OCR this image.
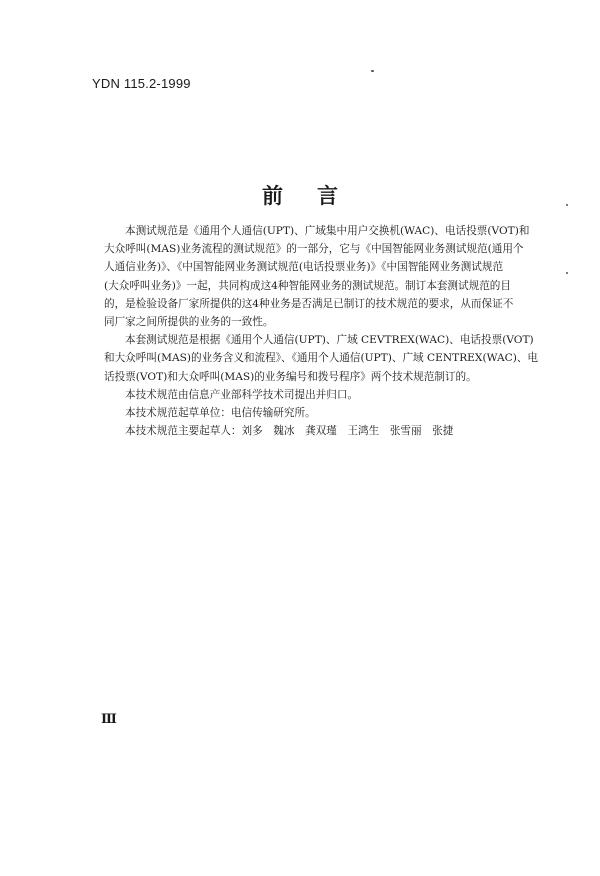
YDN 115.2-1999
前言
本测试规范是《通用个人通信(UPT)、广域集中用户交换机(WAC)、电话投票(VOT)和
大众呼叫(MAS)业务流程的测试规范》的一部分，它与《中国智能网业务测试规范(通用个
人通信业务)》、《中国智能网业务测试规范(电话投票业务)》《中国智能网业务测试规范
(大众呼叫业务)》一起，共同构成这4种智能网业务的测试规范。制订本套测试规范的目
的，是检验设备厂家所提供的这4种业务是否满足已制订的技术规范的要求，从而保证不
同厂家之间所提供的业务的一致性。
本套测试规范是根据《通用个人通信(UPT)、广域 CEVTREX(WAC)、电话投票(VOT)
和大众呼叫(MAS)的业务含义和流程》、《通用个人通信(UPT)、广域 CENTREX(WAC)、电
话投票(VOT)和大众呼叫(MAS)的业务编号和拨号程序》两个技术规范制订的。
本技术规范由信息产业部科学技术司提出并归口。
本技术规范起草单位：电信传输研究所。
本技术规范主要起草人：刘多　魏冰　龚双瑾　王鸿生　张雪丽　张捷
Ⅲ
